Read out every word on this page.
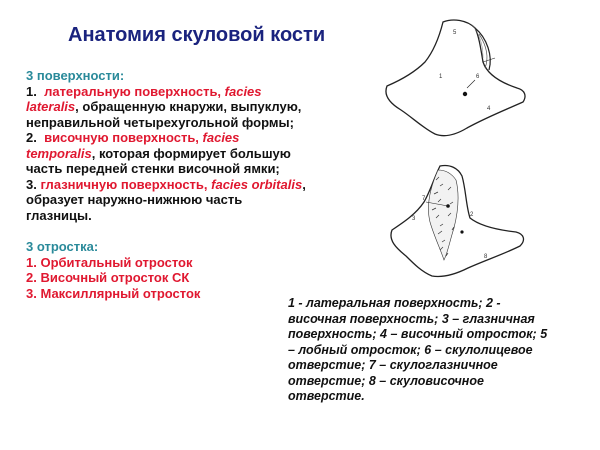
Анатомия скуловой кости

3 поверхности:

1. латеральную поверхность, facies lateralis, обращенную кнаружи, выпуклую, неправильной четырехугольной формы;

2. височную поверхность, facies temporalis, которая формирует большую часть передней стенки височной ямки;

3. глазничную поверхность, facies orbitalis, образует наружно-нижнюю часть глазницы.

3 отростка:

1. Орбитальный отросток

2. Височный отросток СК

3. Максиллярный отросток

1
5
6
4
3
7
2
8
1 - латеральная поверхность; 2 - височная поверхность; 3 – глазничная поверхность; 4 – височный отросток; 5 – лобный отросток; 6 – скулолицевое отверстие; 7 – скулоглазничное отверстие; 8 – скуловисочное отверстие.
